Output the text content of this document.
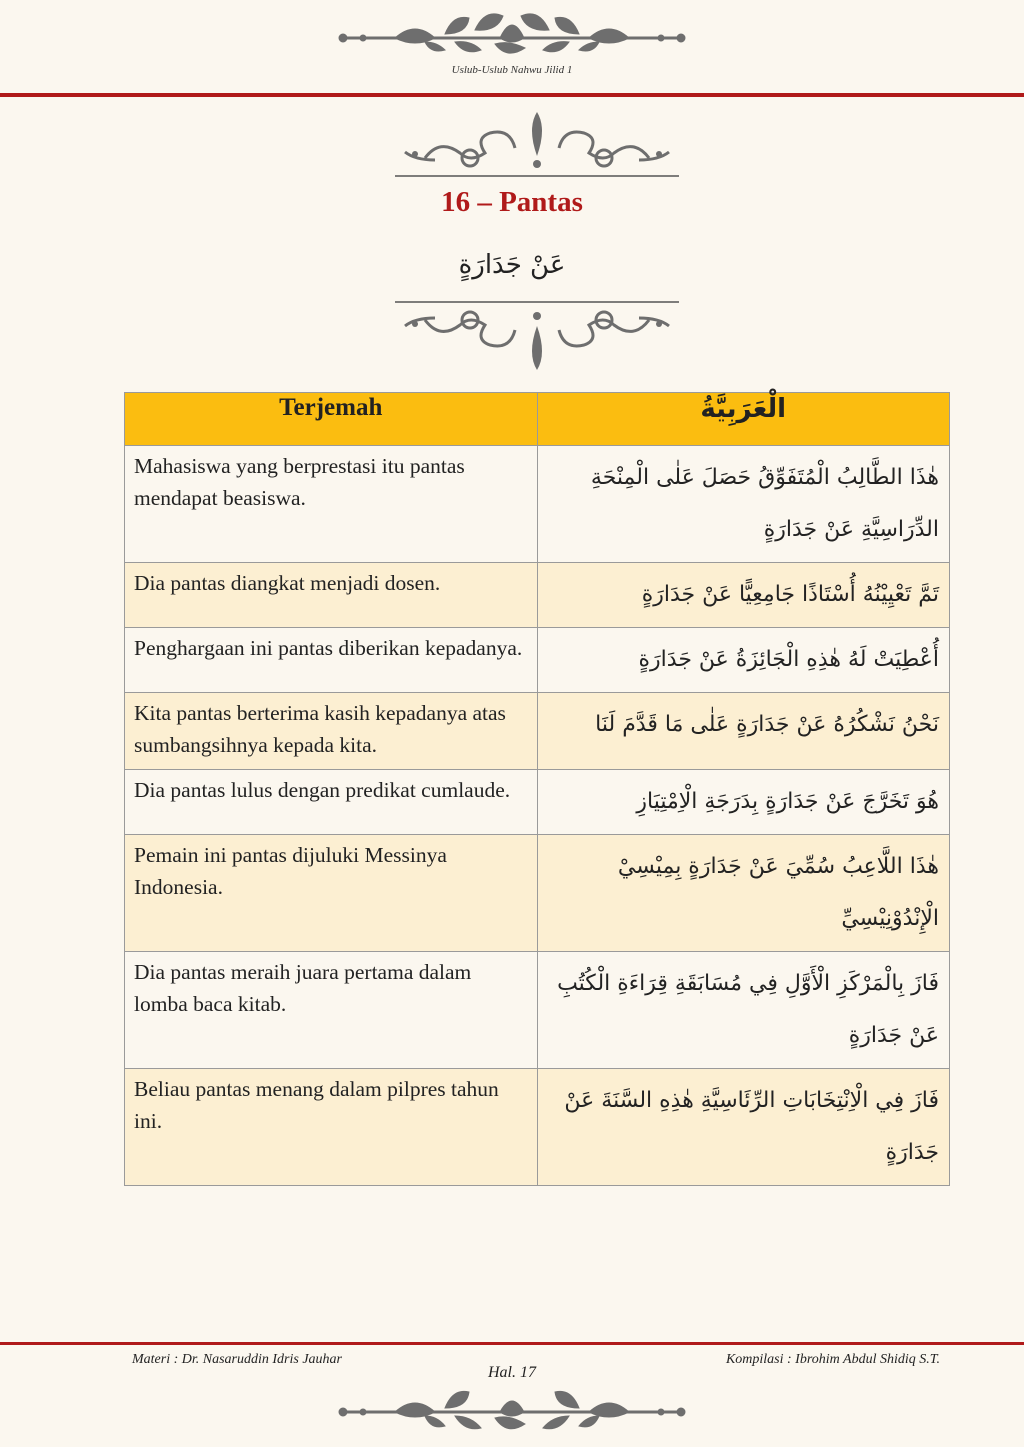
Uslub-Uslub Nahwu Jilid 1
16 – Pantas
عَنْ جَدَارَةٍ
Terjemah	الْعَرَبِيَّةُ
Mahasiswa yang berprestasi itu pantas mendapat beasiswa.	هٰذَا الطَّالِبُ الْمُتَفَوِّقُ حَصَلَ عَلٰى الْمِنْحَةِ الدِّرَاسِيَّةِ عَنْ جَدَارَةٍ
Dia pantas diangkat menjadi dosen.	تَمَّ تَعْيِيْنُهُ أُسْتَاذًا جَامِعِيًّا عَنْ جَدَارَةٍ
Penghargaan ini pantas diberikan kepadanya.	أُعْطِيَتْ لَهُ هٰذِهِ الْجَائِزَةُ عَنْ جَدَارَةٍ
Kita pantas berterima kasih kepadanya atas sumbangsihnya kepada kita.	نَحْنُ نَشْكُرُهُ عَنْ جَدَارَةٍ عَلٰى مَا قَدَّمَ لَنَا
Dia pantas lulus dengan predikat cumlaude.	هُوَ تَخَرَّجَ عَنْ جَدَارَةٍ بِدَرَجَةِ الْاِمْتِيَازِ
Pemain ini pantas dijuluki Messinya Indonesia.	هٰذَا اللَّاعِبُ سُمِّيَ عَنْ جَدَارَةٍ بِمِيْسِيْ الْإِنْدُوْنِيْسِيِّ
Dia pantas meraih juara pertama dalam lomba baca kitab.	فَازَ بِالْمَرْكَزِ الْأَوَّلِ فِي مُسَابَقَةِ قِرَاءَةِ الْكُتُبِ عَنْ جَدَارَةٍ
Beliau pantas menang dalam pilpres tahun ini.	فَازَ فِي الْاِنْتِخَابَاتِ الرِّئَاسِيَّةِ هٰذِهِ السَّنَةَ عَنْ جَدَارَةٍ
Materi : Dr. Nasaruddin Idris Jauhar	Kompilasi : Ibrohim Abdul Shidiq S.T.
Hal. 17
